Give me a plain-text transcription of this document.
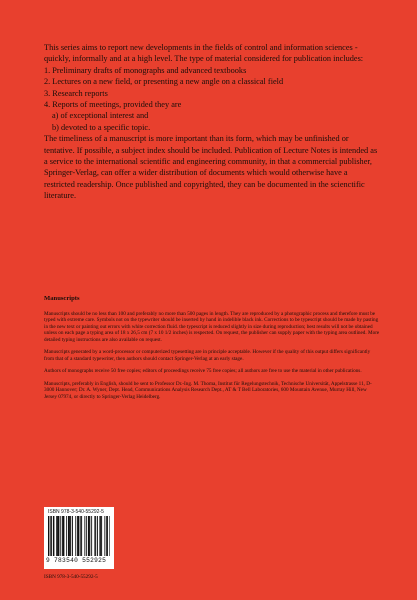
This series aims to report new developments in the fields of control and information sciences - quickly, informally and at a high level. The type of material considered for publication includes:

1. Preliminary drafts of monographs and advanced textbooks
2. Lectures on a new field, or presenting a new angle on a classical field
3. Research reports
4. Reports of meetings, provided they are
a) of exceptional interest and
b) devoted to a specific topic.

The timeliness of a manuscript is more important than its form, which may be unfinished or tentative. If possible, a subject index should be included. Publication of Lecture Notes is intended as a service to the international scientific and engineering community, in that a commercial publisher, Springer-Verlag, can offer a wider distribution of documents which would otherwise have a restricted readership. Once published and copyrighted, they can be documented in the scienctific literature.

Manuscripts

Manuscripts should be no less than 100 and preferably no more than 500 pages in length. They are reproduced by a photographic process and therefore must be typed with extreme care. Symbols not on the typewriter should be inserted by hand in indelible black ink. Corrections to be typescript should be made by pasting in the new text or painting out errors with white correction fluid. the typescript is reduced slightly in size during reproduction; best results will not be obtained unless on each page a typing area of 18 x 26,5 cm (7 x 10 1/2 inches) is respected. On request, the publisher can supply paper with the typing area outlined. More detailed typing instructions are also available on request.

Manuscripts generated by a word-processor or computerized typesetting are in principle acceptable. However if the quality of this output differs significantly from that of a standard typewriter, then authors should contact Springer-Verlag at an early stage.

Authors of monographs receive 50 free copies; editors of proceedings receive 75 free copies; all authors are free to use the material in other publications.

Manuscripts, preferably in English, should be sent to Professor Dr.-Ing. M. Thoma, Institut für Regelungstechnik, Technische Universität, Appelstrasse 11, D-3000 Hannover; Dr. A. Wyner, Dept. Head, Communications Analysis Research Dept., AT & T Bell Laboratories, 600 Mountain Avenue, Murray Hill, New Jersey 07974, or directly to Springer-Verlag Heidelberg.

ISBN 978-3-540-55292-5
9 783540 552925
ISBN 978-3-540-55292-5
